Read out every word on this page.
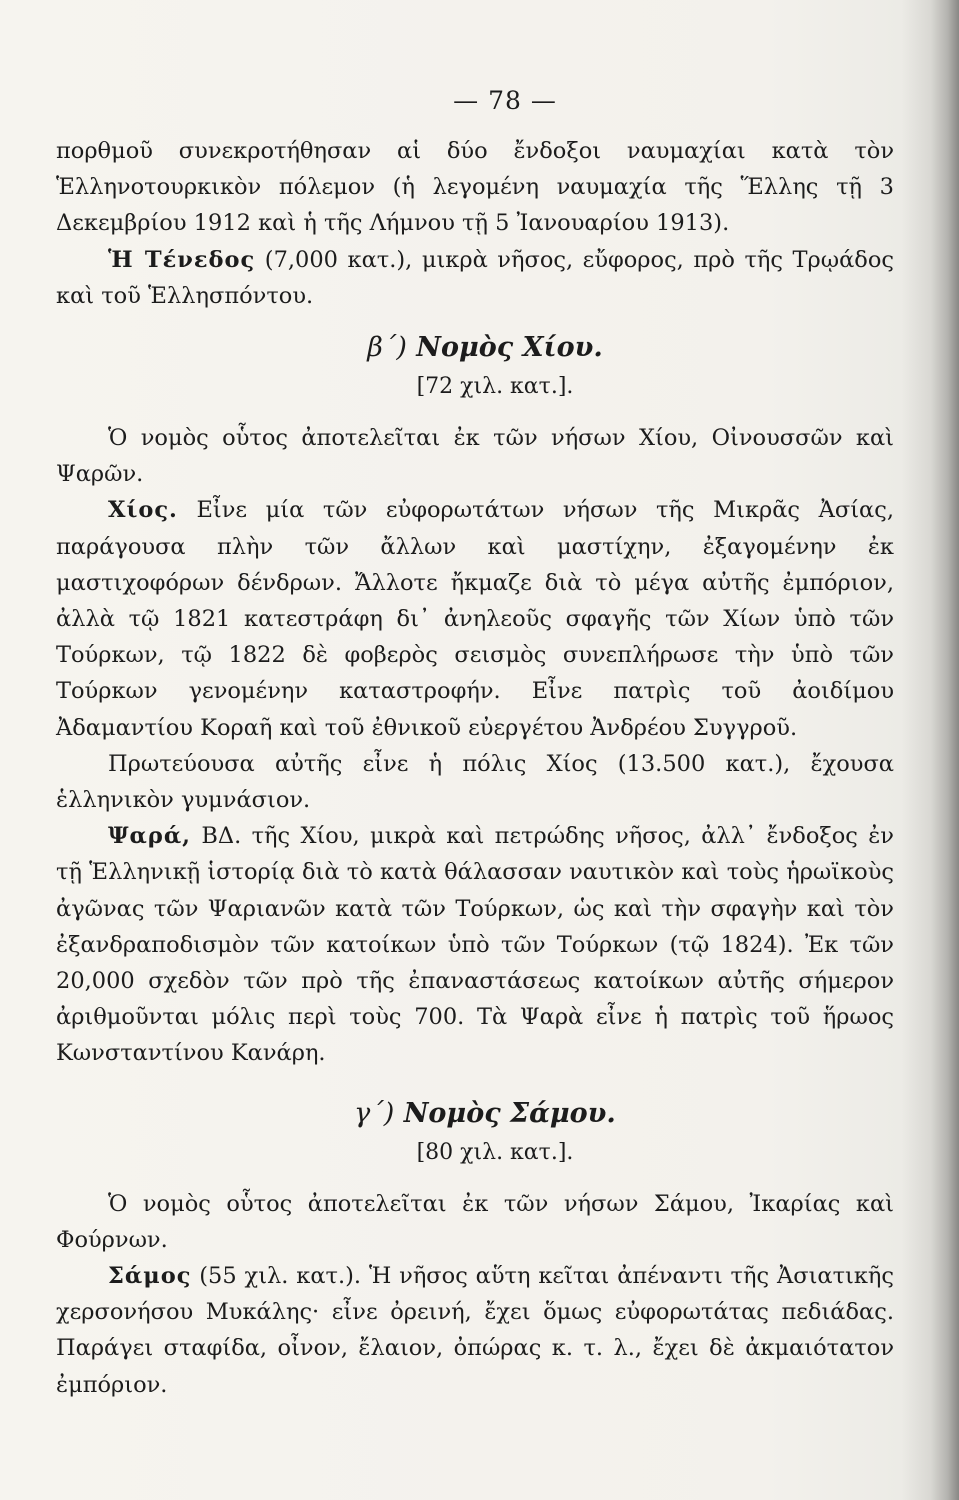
— 78 —

πορθμοῦ συνεκροτήθησαν αἱ δύο ἔνδοξοι ναυμαχίαι κατὰ τὸν Ἑλληνοτουρκικὸν πόλεμον (ἡ λεγομένη ναυμαχία τῆς Ἕλλης τῇ 3 Δεκεμβρίου 1912 καὶ ἡ τῆς Λήμνου τῇ 5 Ἰανουαρίου 1913).

Ἡ Τένεδος (7,000 κατ.), μικρὰ νῆσος, εὔφορος, πρὸ τῆς Τρῳάδος καὶ τοῦ Ἑλλησπόντου.

β΄) Νομὸς Χίου.
[72 χιλ. κατ.].

Ὁ νομὸς οὗτος ἀποτελεῖται ἐκ τῶν νήσων Χίου, Οἰνουσσῶν καὶ Ψαρῶν.

Χίος. Εἶνε μία τῶν εὐφορωτάτων νήσων τῆς Μικρᾶς Ἀσίας, παράγουσα πλὴν τῶν ἄλλων καὶ μαστίχην, ἐξαγομένην ἐκ μαστιχοφόρων δένδρων. Ἄλλοτε ἤκμαζε διὰ τὸ μέγα αὐτῆς ἐμπόριον, ἀλλὰ τῷ 1821 κατεστράφη δι᾽ ἀνηλεοῦς σφαγῆς τῶν Χίων ὑπὸ τῶν Τούρκων, τῷ 1822 δὲ φοβερὸς σεισμὸς συνεπλήρωσε τὴν ὑπὸ τῶν Τούρκων γενομένην καταστροφήν. Εἶνε πατρὶς τοῦ ἀοιδίμου Ἀδαμαντίου Κοραῆ καὶ τοῦ ἐθνικοῦ εὐεργέτου Ἀνδρέου Συγγροῦ.

Πρωτεύουσα αὐτῆς εἶνε ἡ πόλις Χίος (13.500 κατ.), ἔχουσα ἑλληνικὸν γυμνάσιον.

Ψαρά, ΒΔ. τῆς Χίου, μικρὰ καὶ πετρώδης νῆσος, ἀλλ᾽ ἔνδοξος ἐν τῇ Ἑλληνικῇ ἱστορίᾳ διὰ τὸ κατὰ θάλασσαν ναυτικὸν καὶ τοὺς ἡρωϊκοὺς ἀγῶνας τῶν Ψαριανῶν κατὰ τῶν Τούρκων, ὡς καὶ τὴν σφαγὴν καὶ τὸν ἐξανδραποδισμὸν τῶν κατοίκων ὑπὸ τῶν Τούρκων (τῷ 1824). Ἐκ τῶν 20,000 σχεδὸν τῶν πρὸ τῆς ἐπαναστάσεως κατοίκων αὐτῆς σήμερον ἀριθμοῦνται μόλις περὶ τοὺς 700. Τὰ Ψαρὰ εἶνε ἡ πατρὶς τοῦ ἥρωος Κωνσταντίνου Κανάρη.

γ΄) Νομὸς Σάμου.
[80 χιλ. κατ.].

Ὁ νομὸς οὗτος ἀποτελεῖται ἐκ τῶν νήσων Σάμου, Ἰκαρίας καὶ Φούρνων.

Σάμος (55 χιλ. κατ.). Ἡ νῆσος αὕτη κεῖται ἀπέναντι τῆς Ἀσιατικῆς χερσονήσου Μυκάλης· εἶνε ὀρεινή, ἔχει ὅμως εὐφορωτάτας πεδιάδας. Παράγει σταφίδα, οἶνον, ἔλαιον, ὀπώρας κ. τ. λ., ἔχει δὲ ἀκμαιότατον ἐμπόριον.
